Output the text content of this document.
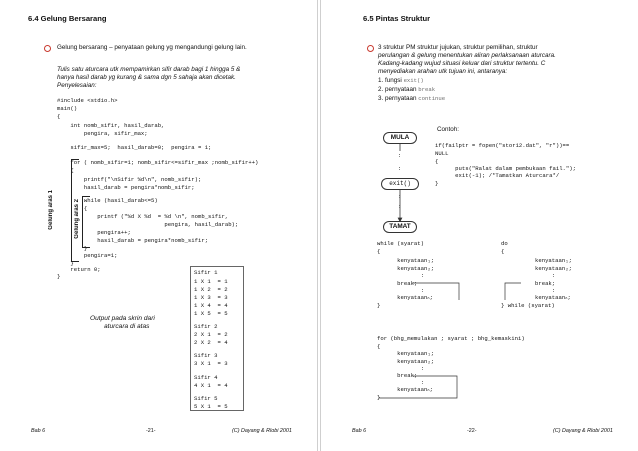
6.4 Gelung Bersarang
Gelung bersarang – penyataan gelung yg mengandungi gelung lain.
Tulis satu aturcara utk mempamirkan sifir darab bagi 1 hingga 5 &
hanya hasil darab yg kurang & sama dgn 5 sahaja akan dicetak.
Penyelesaian:
#include <stdio.h>
main()
{
int nomb_sifir, hasil_darab,
pengira, sifir_max;
sifir_max=5;  hasil_darab=0;  pengira = 1;
for ( nomb_sifir=1; nomb_sifir<=sifir_max ;nomb_sifir++)
{
printf("\nSifir %d\n", nomb_sifir);
hasil_darab = pengira*nomb_sifir;
while (hasil_darab<=5)
{
printf ("%d X %d  = %d \n", nomb_sifir,
pengira, hasil_darab);
pengira++;
hasil_darab = pengira*nomb_sifir;
}
pengira=1;
}
return 0;
}
Gelung aras 1	Gelung aras 2
Output pada skrin dari
aturcara di atas
Sifir 1
1 X 1  = 1
1 X 2  = 2
1 X 3  = 3
1 X 4  = 4
1 X 5  = 5
Sifir 2
2 X 1  = 2
2 X 2  = 4
Sifir 3
3 X 1  = 3
Sifir 4
4 X 1  = 4
Sifir 5
5 X 1  = 5
Bab 6	-21-	(C) Dayang & Rlobi 2001
6.5 Pintas Struktur
3 struktur PM struktur jujukan, struktur pemilihan, struktur
perulangan & gelung menentukan aliran perlaksanaan aturcara.
Kadang-kadang wujud situasi keluar dari struktur tertentu. C
menyediakan arahan utk tujuan ini, antaranya:
1. fungsi exit()
2. pernyataan break
3. pernyataan continue
MULA
:
:
exit()
:
:
TAMAT
Contoh:
if(failptr = fopen("stor12.dat", "r"))==
NULL
{
puts("Ralat dalam pembukaan fail.");
exit(-1); /*Tamatkan Aturcara*/
}
while (syarat)
{
kenyataan₁;
kenyataan₂;
:
break;
:
kenyataanₙ;
}
do
{
kenyataan₁;
kenyataan₂;
:
break;
:
kenyataanₙ;
} while (syarat)
for (bhg_memulakan ; syarat ; bhg_kemaskini)
{
kenyataan₁;
kenyataan₂;
:
break;
:
kenyataanₙ;
}
Bab 6	-22-	(C) Dayang & Rlobi 2001
